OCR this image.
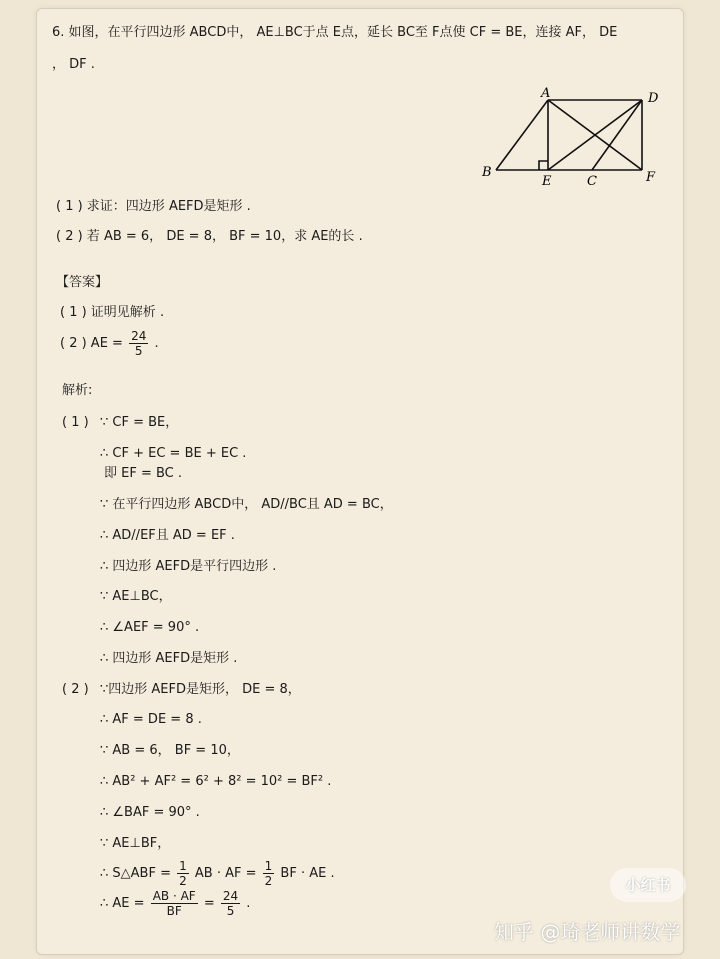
6. 如图，在平行四边形 ABCD中， AE⊥BC于点 E点，延长 BC至 F点使 CF = BE，连接 AF， DE
， DF .
A	D
B
E	C	F
( 1 ) 求证：四边形 AEFD是矩形 .
( 2 ) 若 AB = 6， DE = 8， BF = 10，求 AE的长 .
【答案】
( 1 ) 证明见解析 .
( 2 ) AE = $\frac{24}{5}$ .
解析:
( 1 ) ∵ CF = BE，
∴ CF + EC = BE + EC .
即 EF = BC .
∵ 在平行四边形 ABCD中， AD//BC且 AD = BC，
∴ AD//EF且 AD = EF .
∴ 四边形 AEFD是平行四边形 .
∵ AE⊥BC，
∴ ∠AEF = 90° .
∴ 四边形 AEFD是矩形 .
( 2 ) ∵四边形 AEFD是矩形， DE = 8，
∴ AF = DE = 8 .
∵ AB = 6， BF = 10，
∴ AB² + AF² = 6² + 8² = 10² = BF² .
∴ ∠BAF = 90° .
∵ AE⊥BF，
∴ S△ABF = $\frac{1}{2}$ AB · AF = $\frac{1}{2}$ BF · AE .
∴ AE = $\frac{AB \cdot AF}{BF} = \frac{24}{5}$ .
小红书
知乎 @琦老师讲数学
